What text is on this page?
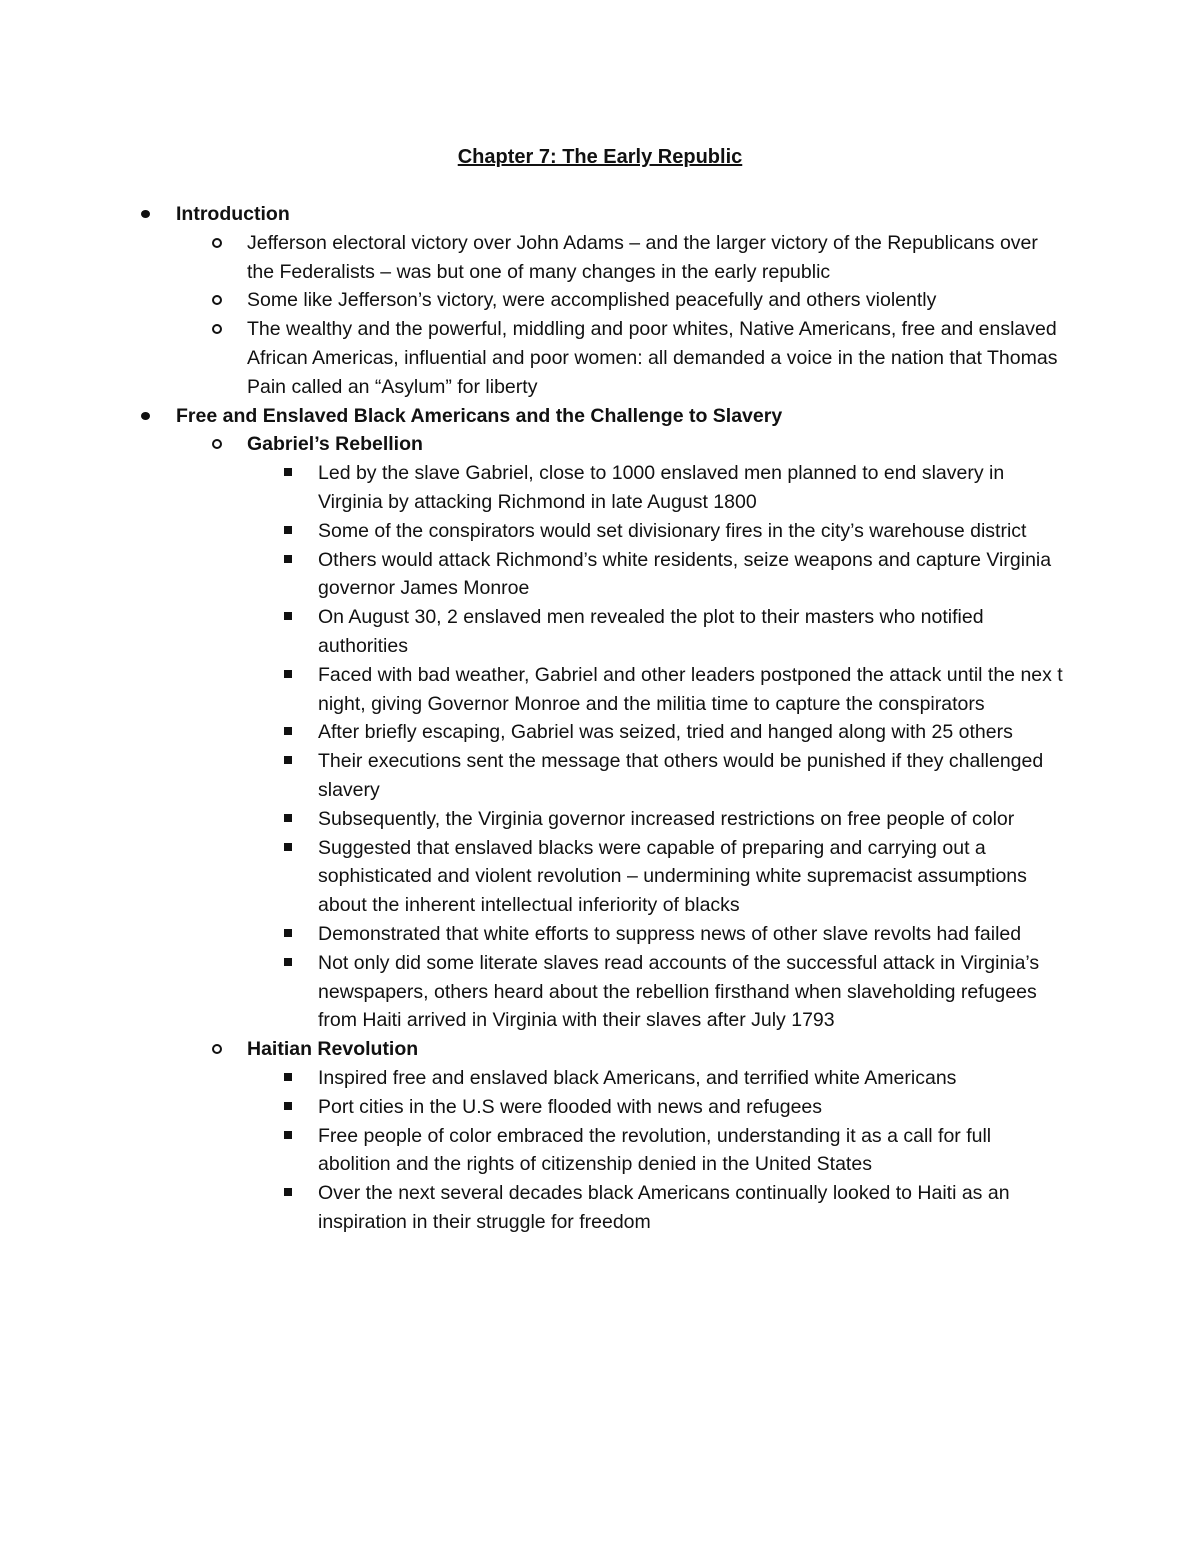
Chapter 7: The Early Republic
Introduction
Jefferson electoral victory over John Adams – and the larger victory of the Republicans over the Federalists – was but one of many changes in the early republic
Some like Jefferson’s victory, were accomplished peacefully and others violently
The wealthy and the powerful, middling and poor whites, Native Americans, free and enslaved African Americas, influential and poor women: all demanded a voice in the nation that Thomas Pain called an “Asylum” for liberty
Free and Enslaved Black Americans and the Challenge to Slavery
Gabriel’s Rebellion
Led by the slave Gabriel, close to 1000 enslaved men planned to end slavery in Virginia by attacking Richmond in late August 1800
Some of the conspirators would set divisionary fires in the city’s warehouse district
Others would attack Richmond’s white residents, seize weapons and capture Virginia governor James Monroe
On August 30, 2 enslaved men revealed the plot to their masters who notified authorities
Faced with bad weather, Gabriel and other leaders postponed the attack until the nex t night, giving Governor Monroe and the militia time to capture the conspirators
After briefly escaping, Gabriel was seized, tried and hanged along with 25 others
Their executions sent the message that others would be punished if they challenged slavery
Subsequently, the Virginia governor increased restrictions on free people of color
Suggested that enslaved blacks were capable of preparing and carrying out a sophisticated and violent revolution – undermining white supremacist assumptions about the inherent intellectual inferiority of blacks
Demonstrated that white efforts to suppress news of other slave revolts had failed
Not only did some literate slaves read accounts of the successful attack in Virginia’s newspapers, others heard about the rebellion firsthand when slaveholding refugees from Haiti arrived in Virginia with their slaves after July 1793
Haitian Revolution
Inspired free and enslaved black Americans, and terrified white Americans
Port cities in the U.S were flooded with news and refugees
Free people of color embraced the revolution, understanding it as a call for full abolition and the rights of citizenship denied in the United States
Over the next several decades black Americans continually looked to Haiti as an inspiration in their struggle for freedom
